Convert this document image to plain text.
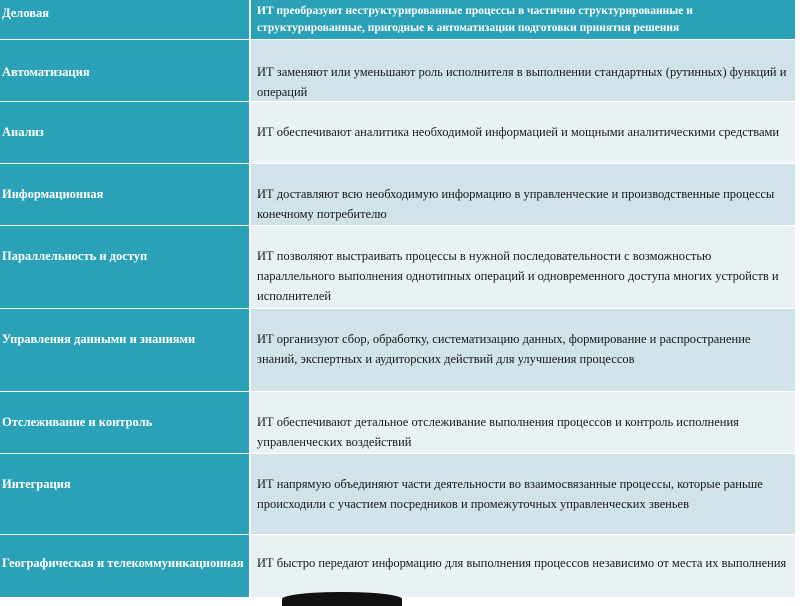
Деловая	ИТ преобразуют неструктурированные процессы в частично структурированные и структурированные, пригодные к автоматизации подготовки принятия решения
Автоматизация	ИТ заменяют или уменьшают роль исполнителя в выполнении стандартных (рутинных) функций и операций
Анализ	ИТ обеспечивают аналитика необходимой информацией и мощными аналитическими средствами
Информационная	ИТ доставляют всю необходимую информацию в управленческие и производственные процессы конечному потребителю
Параллельность и доступ	ИТ позволяют выстраивать процессы в нужной последовательности с возможностью параллельного выполнения однотипных операций и одновременного доступа многих устройств и исполнителей
Управления данными и знаниями	ИТ организуют сбор, обработку, систематизацию данных, формирование и распространение знаний, экспертных и аудиторских действий для улучшения процессов
Отслеживание и контроль	ИТ обеспечивают детальное отслеживание выполнения процессов и контроль исполнения управленческих воздействий
Интеграция	ИТ напрямую объединяют части деятельности во взаимосвязанные процессы, которые раньше происходили с участием посредников и промежуточных управленческих звеньев
Географическая и телекоммуникационная	ИТ быстро передают информацию для выполнения процессов независимо от места их выполнения
